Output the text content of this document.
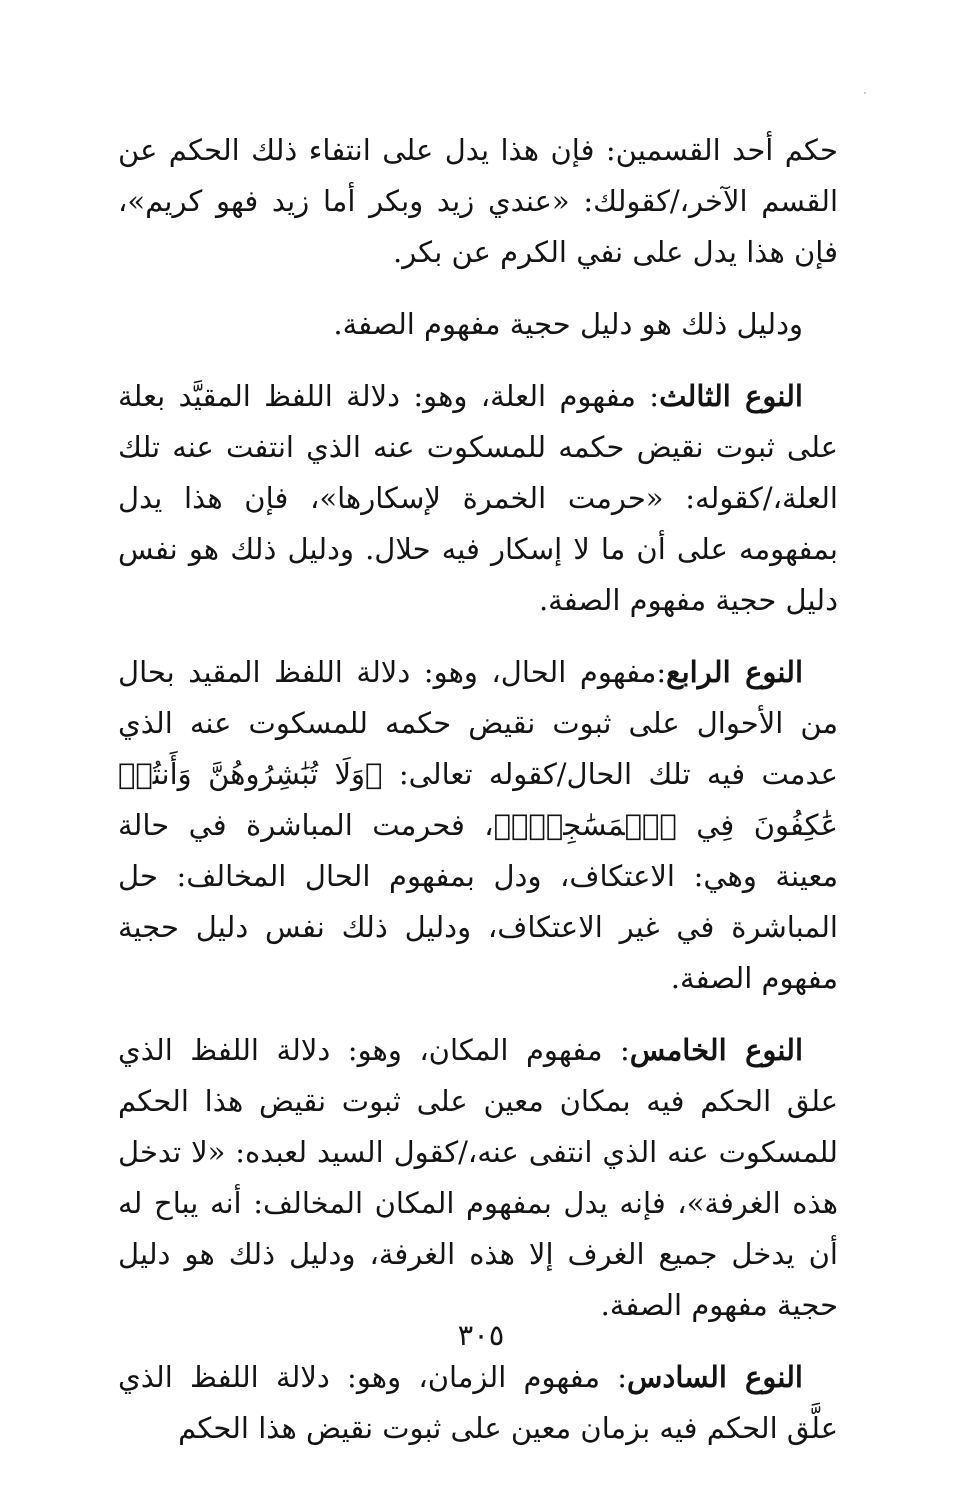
حكم أحد القسمين: فإن هذا يدل على انتفاء ذلك الحكم عن القسم الآخر،/كقولك: «عندي زيد وبكر أما زيد فهو كريم»، فإن هذا يدل على نفي الكرم عن بكر.

ودليل ذلك هو دليل حجية مفهوم الصفة.

النوع الثالث: مفهوم العلة، وهو: دلالة اللفظ المقيَّد بعلة على ثبوت نقيض حكمه للمسكوت عنه الذي انتفت عنه تلك العلة،/كقوله: «حرمت الخمرة لإسكارها»، فإن هذا يدل بمفهومه على أن ما لا إسكار فيه حلال. ودليل ذلك هو نفس دليل حجية مفهوم الصفة.

النوع الرابع:مفهوم الحال، وهو: دلالة اللفظ المقيد بحال من الأحوال على ثبوت نقيض حكمه للمسكوت عنه الذي عدمت فيه تلك الحال/كقوله تعالى: ﴿وَلَا تُبَٰشِرُوهُنَّ وَأَنتُمۡ عَٰكِفُونَ فِي ٱلۡمَسَٰجِدِۗ﴾، فحرمت المباشرة في حالة معينة وهي: الاعتكاف، ودل بمفهوم الحال المخالف: حل المباشرة في غير الاعتكاف، ودليل ذلك نفس دليل حجية مفهوم الصفة.

النوع الخامس: مفهوم المكان، وهو: دلالة اللفظ الذي علق الحكم فيه بمكان معين على ثبوت نقيض هذا الحكم للمسكوت عنه الذي انتفى عنه،/كقول السيد لعبده: «لا تدخل هذه الغرفة»، فإنه يدل بمفهوم المكان المخالف: أنه يباح له أن يدخل جميع الغرف إلا هذه الغرفة، ودليل ذلك هو دليل حجية مفهوم الصفة.

النوع السادس: مفهوم الزمان، وهو: دلالة اللفظ الذي علَّق الحكم فيه بزمان معين على ثبوت نقيض هذا الحكم

٣٠٥
